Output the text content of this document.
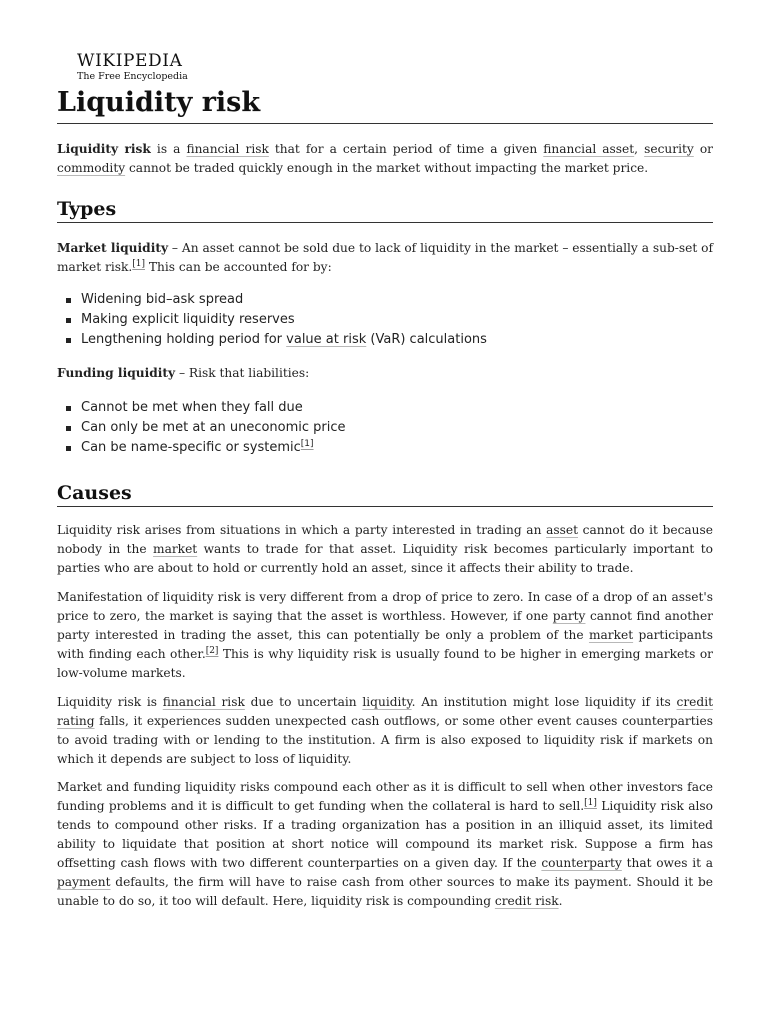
WIKIPEDIA
The Free Encyclopedia
Liquidity risk

Liquidity risk is a financial risk that for a certain period of time a given financial asset, security or commodity cannot be traded quickly enough in the market without impacting the market price.

Types

Market liquidity – An asset cannot be sold due to lack of liquidity in the market – essentially a sub-set of market risk.[1] This can be accounted for by:

Widening bid–ask spread
Making explicit liquidity reserves
Lengthening holding period for value at risk (VaR) calculations

Funding liquidity – Risk that liabilities:

Cannot be met when they fall due
Can only be met at an uneconomic price
Can be name-specific or systemic[1]
Causes

Liquidity risk arises from situations in which a party interested in trading an asset cannot do it because nobody in the market wants to trade for that asset. Liquidity risk becomes particularly important to parties who are about to hold or currently hold an asset, since it affects their ability to trade.

Manifestation of liquidity risk is very different from a drop of price to zero. In case of a drop of an asset's price to zero, the market is saying that the asset is worthless. However, if one party cannot find another party interested in trading the asset, this can potentially be only a problem of the market participants with finding each other.[2] This is why liquidity risk is usually found to be higher in emerging markets or low-volume markets.

Liquidity risk is financial risk due to uncertain liquidity. An institution might lose liquidity if its credit rating falls, it experiences sudden unexpected cash outflows, or some other event causes counterparties to avoid trading with or lending to the institution. A firm is also exposed to liquidity risk if markets on which it depends are subject to loss of liquidity.

Market and funding liquidity risks compound each other as it is difficult to sell when other investors face funding problems and it is difficult to get funding when the collateral is hard to sell.[1] Liquidity risk also tends to compound other risks. If a trading organization has a position in an illiquid asset, its limited ability to liquidate that position at short notice will compound its market risk. Suppose a firm has offsetting cash flows with two different counterparties on a given day. If the counterparty that owes it a payment defaults, the firm will have to raise cash from other sources to make its payment. Should it be unable to do so, it too will default. Here, liquidity risk is compounding credit risk.
